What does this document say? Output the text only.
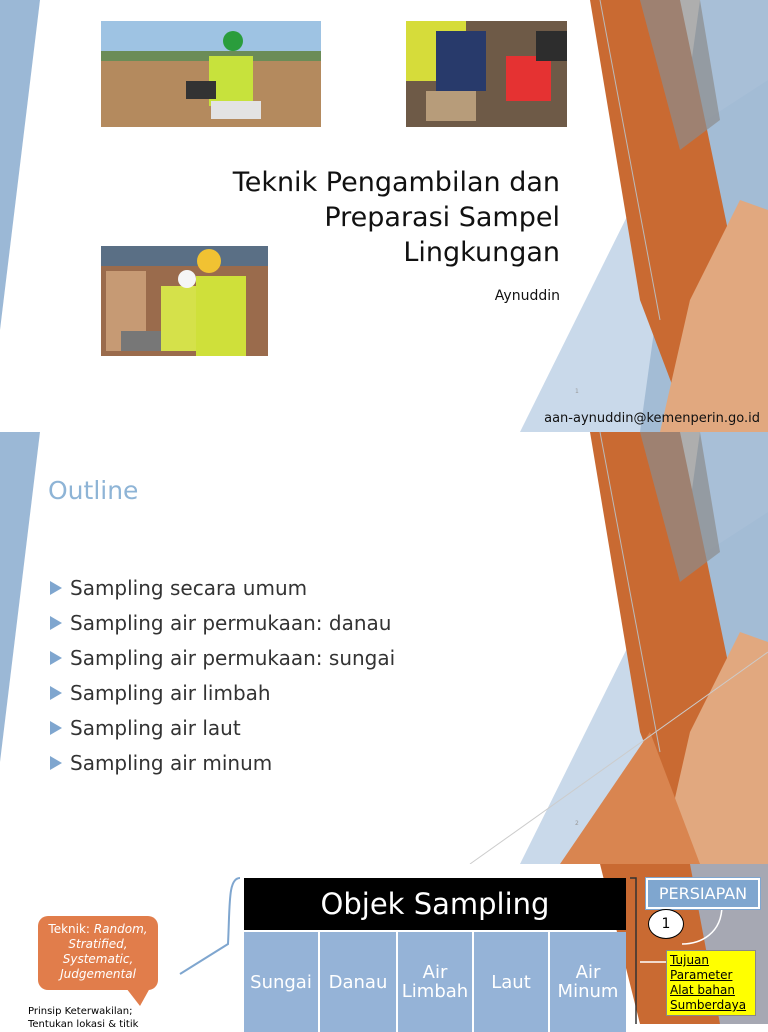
Teknik Pengambilan dan
Preparasi Sampel
Lingkungan
Aynuddin
1
aan-aynuddin@kemenperin.go.id
Outline
Sampling secara umum
Sampling air permukaan: danau
Sampling air permukaan: sungai
Sampling air limbah
Sampling air laut
Sampling air minum
2
Objek Sampling
Sungai Danau	Air Limbah	Laut	Air Minum
PERSIAPAN
1
Tujuan
Parameter
Alat bahan
Sumberdaya
Teknik: Random, Stratified, Systematic, Judgemental
Prinsip Keterwakilan;
Tentukan lokasi & titik
